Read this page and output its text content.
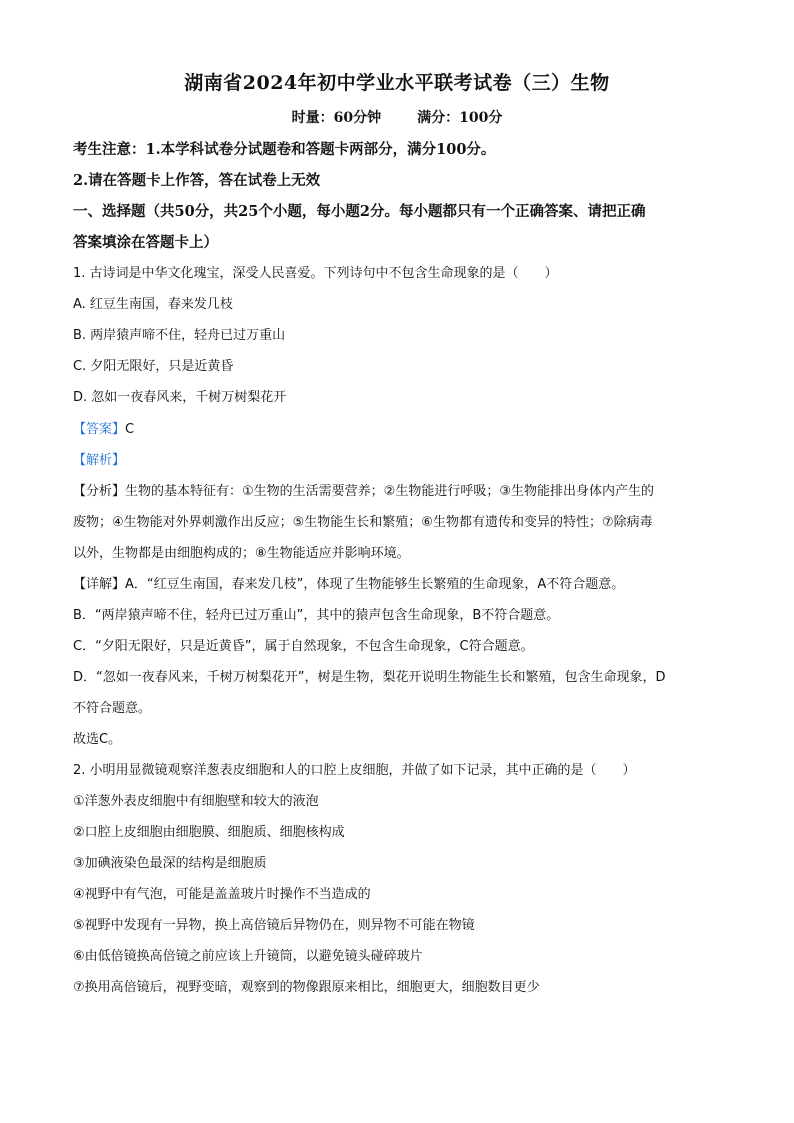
湖南省2024年初中学业水平联考试卷（三）生物
时量：60分钟	满分：100分
考生注意：1.本学科试卷分试题卷和答题卡两部分，满分100分。
2.请在答题卡上作答，答在试卷上无效
一、选择题（共50分，共25个小题，每小题2分。每小题都只有一个正确答案、请把正确
答案填涂在答题卡上）
1. 古诗词是中华文化瑰宝，深受人民喜爱。下列诗句中不包含生命现象的是（　　）
A. 红豆生南国，春来发几枝
B. 两岸猿声啼不住，轻舟已过万重山
C. 夕阳无限好，只是近黄昏
D. 忽如一夜春风来，千树万树梨花开
【答案】C
【解析】
【分析】生物的基本特征有：①生物的生活需要营养；②生物能进行呼吸；③生物能排出身体内产生的
废物；④生物能对外界刺激作出反应；⑤生物能生长和繁殖；⑥生物都有遗传和变异的特性；⑦除病毒
以外，生物都是由细胞构成的；⑧生物能适应并影响环境。
【详解】A．“红豆生南国，春来发几枝”，体现了生物能够生长繁殖的生命现象，A不符合题意。
B．“两岸猿声啼不住，轻舟已过万重山”，其中的猿声包含生命现象，B不符合题意。
C．“夕阳无限好，只是近黄昏”，属于自然现象，不包含生命现象，C符合题意。
D．“忽如一夜春风来，千树万树梨花开”，树是生物，梨花开说明生物能生长和繁殖，包含生命现象，D
不符合题意。
故选C。
2. 小明用显微镜观察洋葱表皮细胞和人的口腔上皮细胞，并做了如下记录，其中正确的是（　　）
①洋葱外表皮细胞中有细胞壁和较大的液泡
②口腔上皮细胞由细胞膜、细胞质、细胞核构成
③加碘液染色最深的结构是细胞质
④视野中有气泡，可能是盖盖玻片时操作不当造成的
⑤视野中发现有一异物，换上高倍镜后异物仍在，则异物不可能在物镜
⑥由低倍镜换高倍镜之前应该上升镜筒，以避免镜头碰碎玻片
⑦换用高倍镜后，视野变暗，观察到的物像跟原来相比，细胞更大，细胞数目更少
